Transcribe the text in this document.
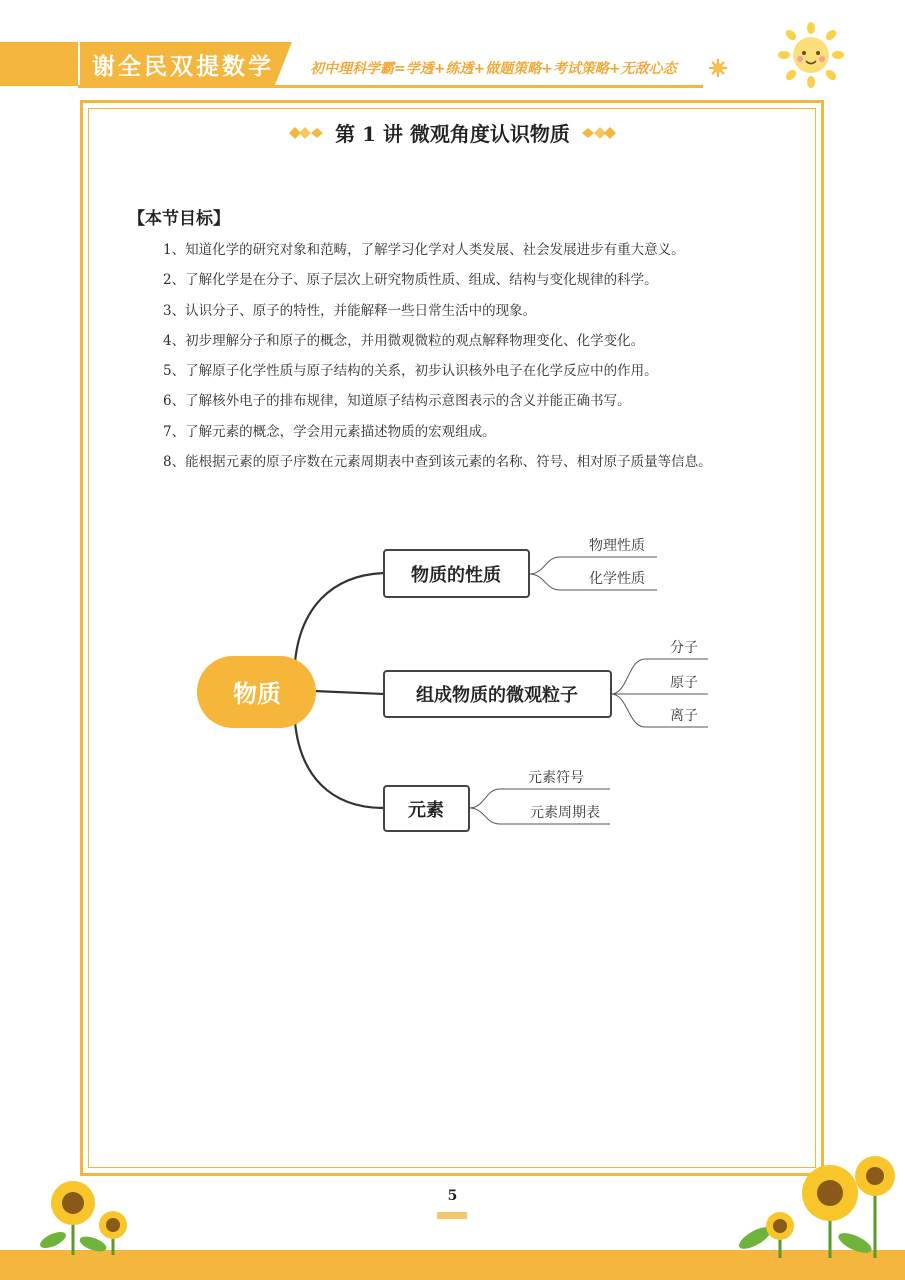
谢全民双提数学	初中理科学霸=学透+练透+做题策略+考试策略+无敌心态
第 1 讲 微观角度认识物质
【本节目标】
1、知道化学的研究对象和范畴，了解学习化学对人类发展、社会发展进步有重大意义。
2、了解化学是在分子、原子层次上研究物质性质、组成、结构与变化规律的科学。
3、认识分子、原子的特性，并能解释一些日常生活中的现象。
4、初步理解分子和原子的概念，并用微观微粒的观点解释物理变化、化学变化。
5、了解原子化学性质与原子结构的关系，初步认识核外电子在化学反应中的作用。
6、了解核外电子的排布规律，知道原子结构示意图表示的含义并能正确书写。
7、了解元素的概念，学会用元素描述物质的宏观组成。
8、能根据元素的原子序数在元素周期表中查到该元素的名称、符号、相对原子质量等信息。
物质
物质的性质
组成物质的微观粒子
元素
物理性质
化学性质
分子
原子
离子
元素符号
元素周期表
5
